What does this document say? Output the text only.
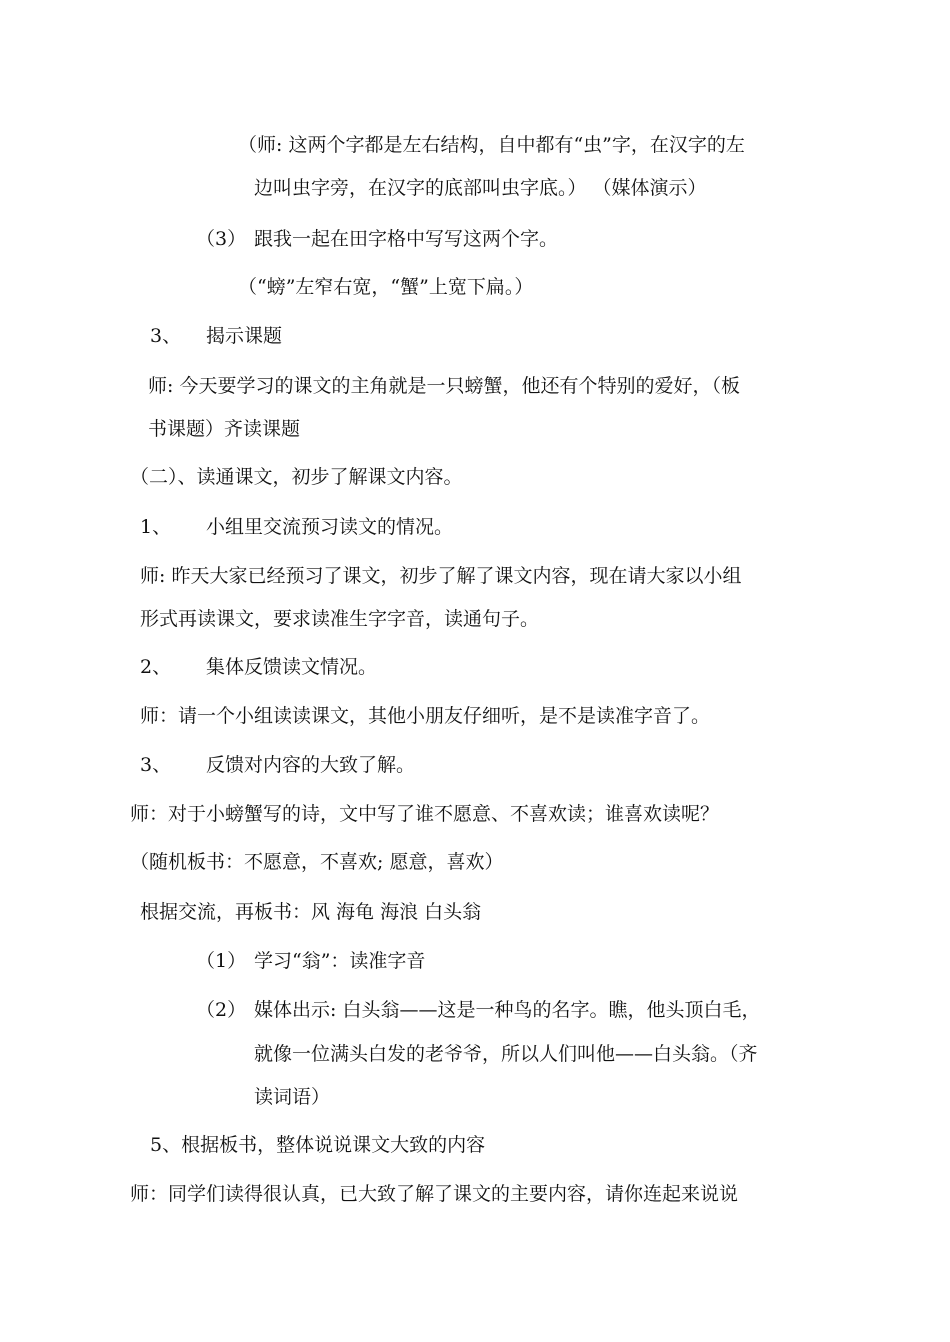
（师: 这两个字都是左右结构，自中都有“虫”字，在汉字的左
边叫虫字旁，在汉字的底部叫虫字底。） （媒体演示）
（3） 跟我一起在田字格中写写这两个字。
（“螃”左窄右宽，“蟹”上宽下扁。）
3、 揭示课题
师: 今天要学习的课文的主角就是一只螃蟹，他还有个特别的爱好，（板
书课题）齐读课题
（二）、读通课文，初步了解课文内容。
1、 小组里交流预习读文的情况。
师: 昨天大家已经预习了课文，初步了解了课文内容，现在请大家以小组
形式再读课文，要求读准生字字音，读通句子。
2、 集体反馈读文情况。
师：请一个小组读读课文，其他小朋友仔细听，是不是读准字音了。
3、 反馈对内容的大致了解。
师：对于小螃蟹写的诗，文中写了谁不愿意、不喜欢读；谁喜欢读呢？
（随机板书：不愿意，不喜欢; 愿意，喜欢）
根据交流，再板书：风 海龟 海浪 白头翁
（1） 学习“翁”：读准字音
（2） 媒体出示: 白头翁——这是一种鸟的名字。瞧，他头顶白毛，
就像一位满头白发的老爷爷，所以人们叫他——白头翁。（齐
读词语）
5、根据板书，整体说说课文大致的内容
师：同学们读得很认真，已大致了解了课文的主要内容，请你连起来说说
